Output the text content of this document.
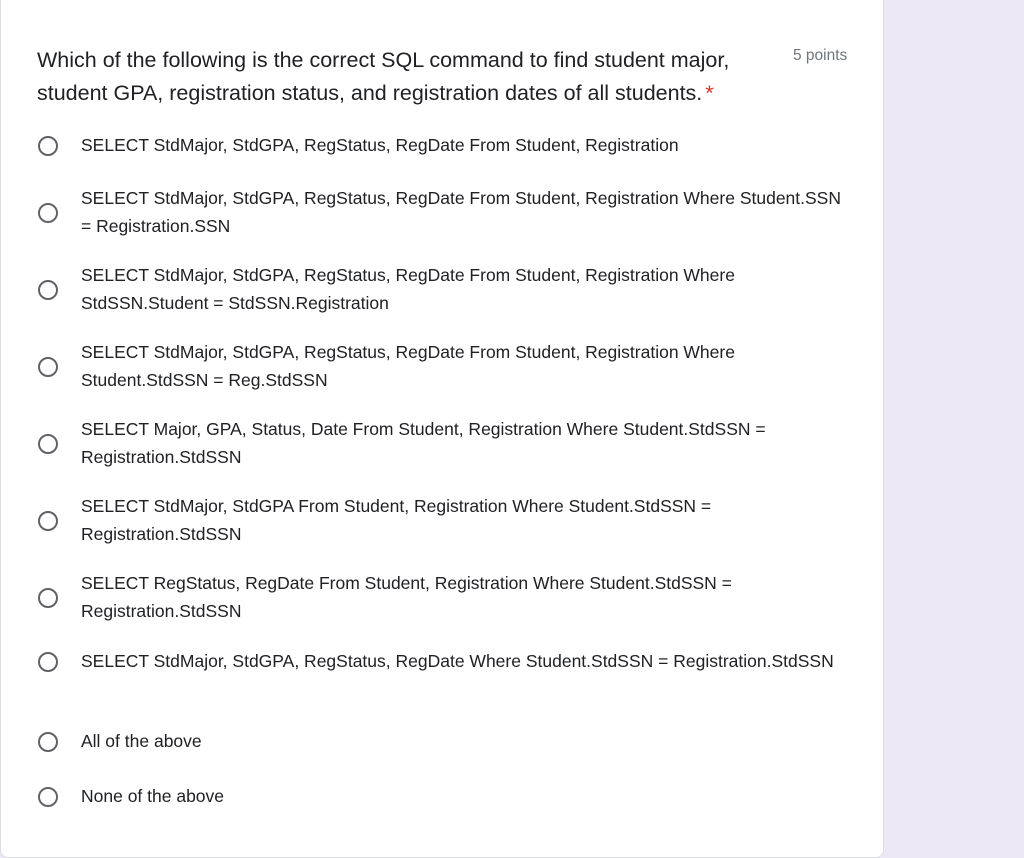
Which of the following is the correct SQL command to find student major, student GPA, registration status, and registration dates of all students. *
5 points
SELECT StdMajor, StdGPA, RegStatus, RegDate From Student, Registration
SELECT StdMajor, StdGPA, RegStatus, RegDate From Student, Registration Where Student.SSN = Registration.SSN
SELECT StdMajor, StdGPA, RegStatus, RegDate From Student, Registration Where StdSSN.Student = StdSSN.Registration
SELECT StdMajor, StdGPA, RegStatus, RegDate From Student, Registration Where Student.StdSSN = Reg.StdSSN
SELECT Major, GPA, Status, Date From Student, Registration Where Student.StdSSN = Registration.StdSSN
SELECT StdMajor, StdGPA From Student, Registration Where Student.StdSSN = Registration.StdSSN
SELECT RegStatus, RegDate From Student, Registration Where Student.StdSSN = Registration.StdSSN
SELECT StdMajor, StdGPA, RegStatus, RegDate Where Student.StdSSN = Registration.StdSSN
All of the above
None of the above
